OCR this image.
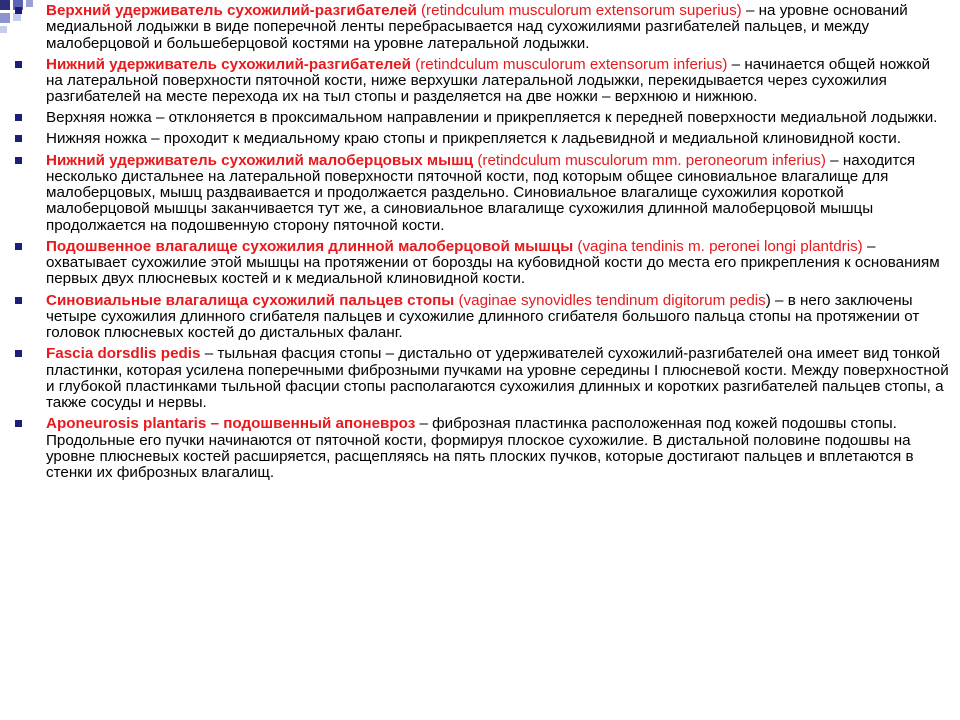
Верхний удерживатель сухожилий-разгибателей (retindculum musculorum extensorum superius) – на уровне оснований медиальной лодыжки в виде поперечной ленты перебрасывается над сухожилиями разгибателей пальцев, и между малоберцовой и большеберцовой костями на уровне латеральной лодыжки.
Нижний удерживатель сухожилий-разгибателей (retindculum musculorum extensorum inferius) – начинается общей ножкой на латеральной поверхности пяточной кости, ниже верхушки латеральной лодыжки, перекидывается через сухожилия разгибателей на месте перехода их на тыл стопы и разделяется на две ножки – верхнюю и нижнюю.
Верхняя ножка – отклоняется в проксимальном направлении и прикрепляется к передней поверхности медиальной лодыжки.
Нижняя ножка – проходит к медиальному краю стопы и прикрепляется к ладьевидной и медиальной клиновидной кости.
Нижний удерживатель сухожилий малоберцовых мышц (retindculum musculorum mm. peroneorum inferius) – находится несколько дистальнее на латеральной поверхности пяточной кости, под которым общее синовиальное влагалище для малоберцовых, мышц раздваивается и продолжается раздельно. Синовиальное влагалище сухожилия короткой малоберцовой мышцы заканчивается тут же, а синовиальное влагалище сухожилия длинной малоберцовой мышцы продолжается на подошвенную сторону пяточной кости.
Подошвенное влагалище сухожилия длинной малоберцовой мышцы (vagina tendinis m. peronei longi plantdris) – охватывает сухожилие этой мышцы на протяжении от борозды на кубовидной кости до места его прикрепления к основаниям первых двух плюсневых костей и к медиальной клиновидной кости.
Синовиальные влагалища сухожилий пальцев стопы (vaginae synovidles tendinum digitorum pedis) – в него заключены четыре сухожилия длинного сгибателя пальцев и сухожилие длинного сгибателя большого пальца стопы на протяжении от головок плюсневых костей до дистальных фаланг.
Fascia dorsdlis pedis – тыльная фасция стопы – дистально от удерживателей сухожилий-разгибателей она имеет вид тонкой пластинки, которая усилена поперечными фиброзными пучками на уровне середины I плюсневой кости. Между поверхностной и глубокой пластинками тыльной фасции стопы располагаются сухожилия длинных и коротких разгибателей пальцев стопы, а также сосуды и нервы.
Aponeurosis plantaris – подошвенный апоневроз – фиброзная пластинка расположенная под кожей подошвы стопы. Продольные его пучки начинаются от пяточной кости, формируя плоское сухожилие. В дистальной половине подошвы на уровне плюсневых костей расширяется, расщепляясь на пять плоских пучков, которые достигают пальцев и вплетаются в стенки их фиброзных влагалищ.
